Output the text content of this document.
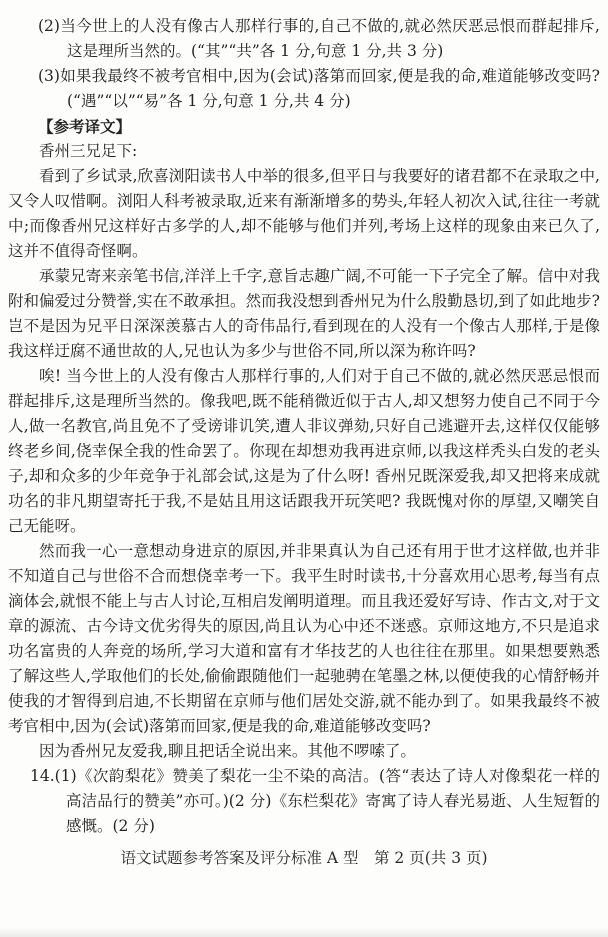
(2)当今世上的人没有像古人那样行事的,自己不做的,就必然厌恶忌恨而群起排斥,这是理所当然的。(“其”“共”各 1 分,句意 1 分,共 3 分)
(3)如果我最终不被考官相中,因为(会试)落第而回家,便是我的命,难道能够改变吗?(“遇”“以”“易”各 1 分,句意 1 分,共 4 分)
【参考译文】
香州三兄足下:

看到了乡试录,欣喜浏阳读书人中举的很多,但平日与我要好的诸君都不在录取之中,又令人叹惜啊。浏阳人科考被录取,近来有渐渐增多的势头,年轻人初次入试,往往一考就中;而像香州兄这样好古多学的人,却不能够与他们并列,考场上这样的现象由来已久了,这并不值得奇怪啊。

承蒙兄寄来亲笔书信,洋洋上千字,意旨志趣广阔,不可能一下子完全了解。信中对我附和偏爱过分赞誉,实在不敢承担。然而我没想到香州兄为什么殷勤恳切,到了如此地步?岂不是因为兄平日深深羡慕古人的奇伟品行,看到现在的人没有一个像古人那样,于是像我这样迂腐不通世故的人,兄也认为多少与世俗不同,所以深为称许吗?

唉! 当今世上的人没有像古人那样行事的,人们对于自己不做的,就必然厌恶忌恨而群起排斥,这是理所当然的。像我吧,既不能稍微近似于古人,却又想努力使自己不同于今人,做一名教官,尚且免不了受谤诽讥笑,遭人非议弹劾,只好自己逃避开去,这样仅仅能够终老乡间,侥幸保全我的性命罢了。你现在却想劝我再进京师,以我这样秃头白发的老头子,却和众多的少年竞争于礼部会试,这是为了什么呀! 香州兄既深爱我,却又把将来成就功名的非凡期望寄托于我,不是姑且用这话跟我开玩笑吧? 我既愧对你的厚望,又嘲笑自己无能呀。

然而我一心一意想动身进京的原因,并非果真认为自己还有用于世才这样做,也并非不知道自己与世俗不合而想侥幸考一下。我平生时时读书,十分喜欢用心思考,每当有点滴体会,就恨不能上与古人讨论,互相启发阐明道理。而且我还爱好写诗、作古文,对于文章的源流、古今诗文优劣得失的原因,尚且认为心中还不迷惑。京师这地方,不只是追求功名富贵的人奔竞的场所,学习大道和富有才华技艺的人也往往在那里。如果想要熟悉了解这些人,学取他们的长处,偷偷跟随他们一起驰骋在笔墨之林,以便使我的心情舒畅并使我的才智得到启迪,不长期留在京师与他们居处交游,就不能办到了。如果我最终不被考官相中,因为(会试)落第而回家,便是我的命,难道能够改变吗?

因为香州兄友爱我,聊且把话全说出来。其他不啰嗦了。

14.(1)《次韵梨花》赞美了梨花一尘不染的高洁。(答“表达了诗人对像梨花一样的高洁品行的赞美”亦可。)(2 分)《东栏梨花》寄寓了诗人春光易逝、人生短暂的感慨。(2 分)
语文试题参考答案及评分标准 A 型　第 2 页(共 3 页)
